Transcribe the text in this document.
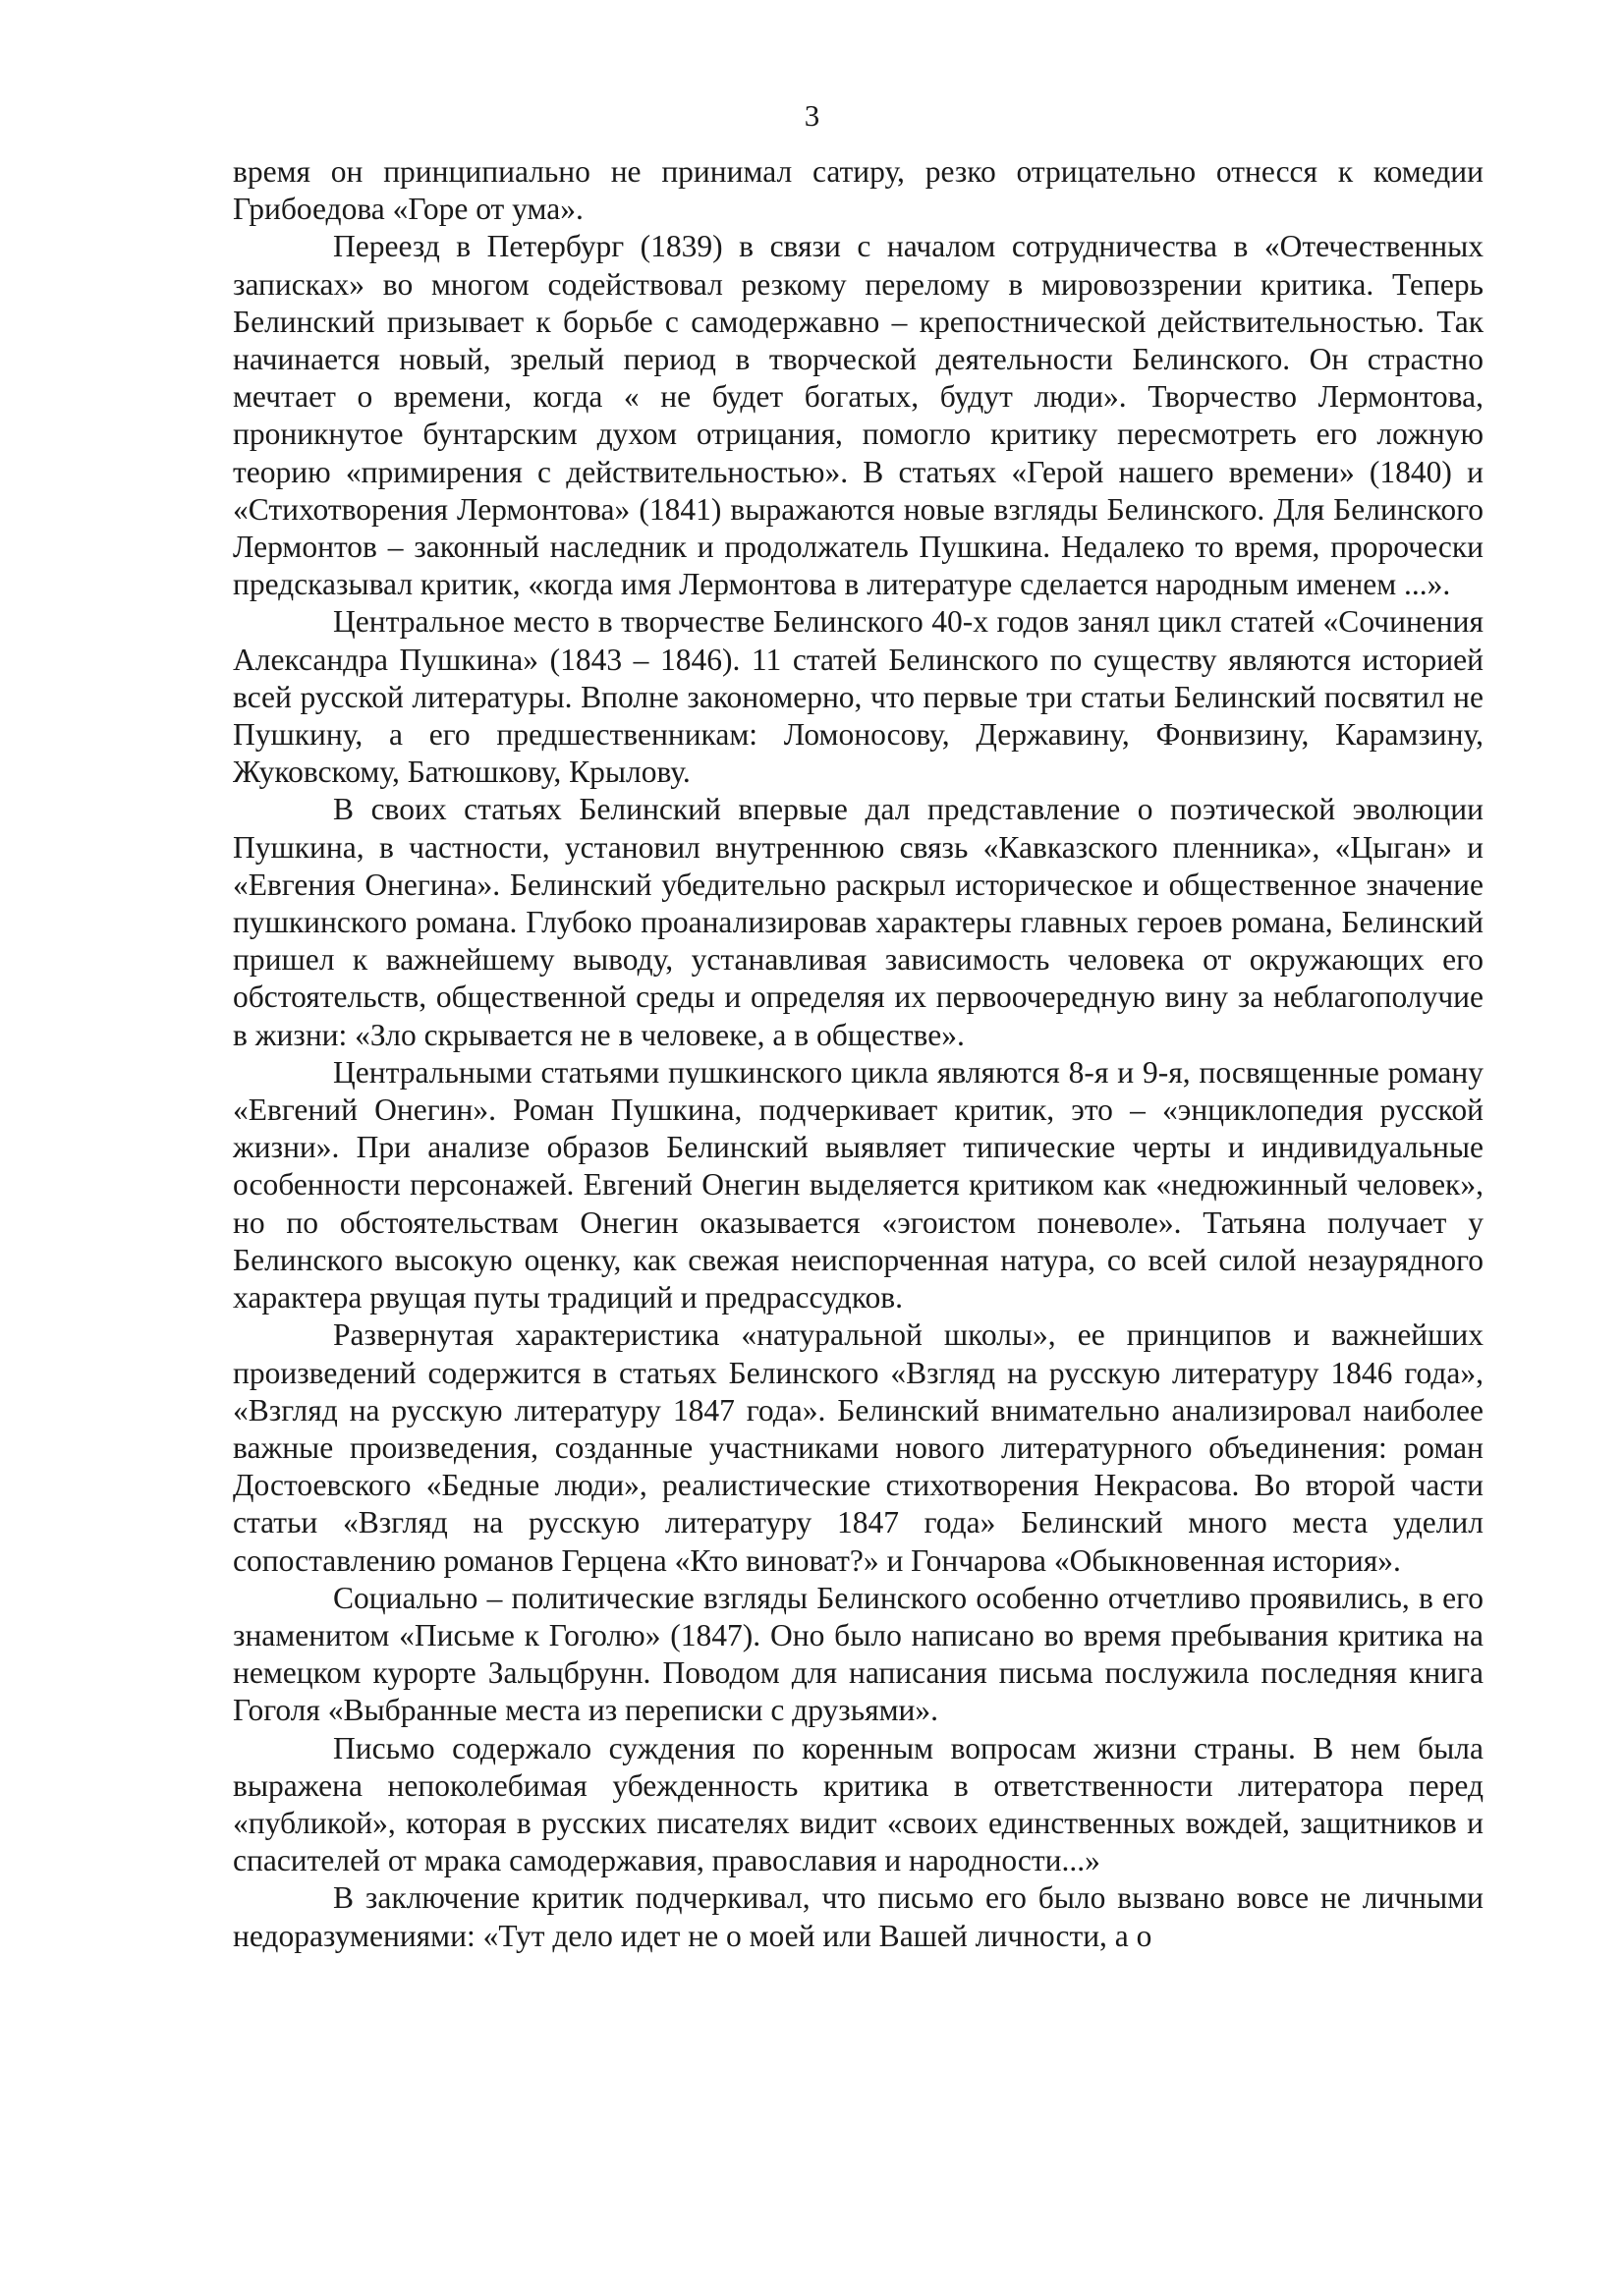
3

время он принципиально не принимал сатиру, резко отрицательно отнесся к комедии Грибоедова «Горе от ума».

Переезд в Петербург (1839) в связи с началом сотрудничества в «Отечественных записках» во многом содействовал резкому перелому в мировоззрении критика. Теперь Белинский призывает к борьбе с самодержавно – крепостнической действительностью. Так начинается новый, зрелый период в творческой деятельности Белинского. Он страстно мечтает о времени, когда « не будет богатых, будут люди». Творчество Лермонтова, проникнутое бунтарским духом отрицания, помогло критику пересмотреть его ложную теорию «примирения с действительностью». В статьях «Герой нашего времени» (1840) и «Стихотворения Лермонтова» (1841) выражаются новые взгляды Белинского. Для Белинского Лермонтов – законный наследник и продолжатель Пушкина. Недалеко то время, пророчески предсказывал критик, «когда имя Лермонтова в литературе сделается народным именем ...».

Центральное место в творчестве Белинского 40-х годов занял цикл статей «Сочинения Александра Пушкина» (1843 – 1846). 11 статей Белинского по существу являются историей всей русской литературы. Вполне закономерно, что первые три статьи Белинский посвятил не Пушкину, а его предшественникам: Ломоносову, Державину, Фонвизину, Карамзину, Жуковскому, Батюшкову, Крылову.

В своих статьях Белинский впервые дал представление о поэтической эволюции Пушкина, в частности, установил внутреннюю связь «Кавказского пленника», «Цыган» и «Евгения Онегина». Белинский убедительно раскрыл историческое и общественное значение пушкинского романа. Глубоко проанализировав характеры главных героев романа, Белинский пришел к важнейшему выводу, устанавливая зависимость человека от окружающих его обстоятельств, общественной среды и определяя их первоочередную вину за неблагополучие в жизни: «Зло скрывается не в человеке, а в обществе».

Центральными статьями пушкинского цикла являются 8-я и 9-я, посвященные роману «Евгений Онегин». Роман Пушкина, подчеркивает критик, это – «энциклопедия русской жизни». При анализе образов Белинский выявляет типические черты и индивидуальные особенности персонажей. Евгений Онегин выделяется критиком как «недюжинный человек», но по обстоятельствам Онегин оказывается «эгоистом поневоле». Татьяна получает у Белинского высокую оценку, как свежая неиспорченная натура, со всей силой незаурядного характера рвущая путы традиций и предрассудков.

Развернутая характеристика «натуральной школы», ее принципов и важнейших произведений содержится в статьях Белинского «Взгляд на русскую литературу 1846 года», «Взгляд на русскую литературу 1847 года». Белинский внимательно анализировал наиболее важные произведения, созданные участниками нового литературного объединения: роман Достоевского «Бедные люди», реалистические стихотворения Некрасова. Во второй части статьи «Взгляд на русскую литературу 1847 года» Белинский много места уделил сопоставлению романов Герцена «Кто виноват?» и Гончарова «Обыкновенная история».

Социально – политические взгляды Белинского особенно отчетливо проявились, в его знаменитом «Письме к Гоголю» (1847). Оно было написано во время пребывания критика на немецком курорте Зальцбрунн. Поводом для написания письма послужила последняя книга Гоголя «Выбранные места из переписки с друзьями».

Письмо содержало суждения по коренным вопросам жизни страны. В нем была выражена непоколебимая убежденность критика в ответственности литератора перед «публикой», которая в русских писателях видит «своих единственных вождей, защитников и спасителей от мрака самодержавия, православия и народности...»

В заключение критик подчеркивал, что письмо его было вызвано вовсе не личными недоразумениями: «Тут дело идет не о моей или Вашей личности, а о
